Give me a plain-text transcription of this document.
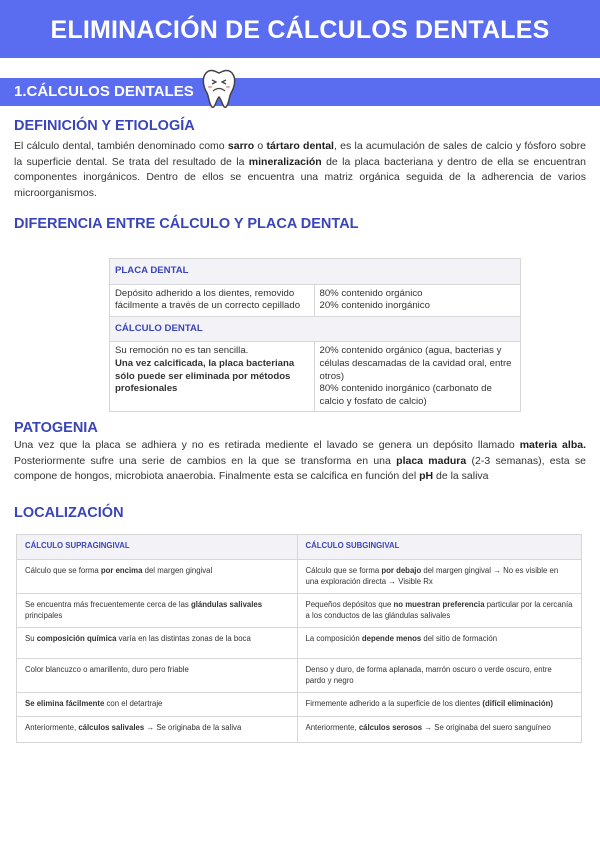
ELIMINACIÓN DE CÁLCULOS DENTALES
1.CÁLCULOS DENTALES
DEFINICIÓN Y ETIOLOGÍA

El cálculo dental, también denominado como sarro o tártaro dental, es la acumulación de sales de calcio y fósforo sobre la superficie dental. Se trata del resultado de la mineralización de la placa bacteriana y dentro de ella se encuentran componentes inorgánicos. Dentro de ellos se encuentra una matriz orgánica seguida de la adherencia de varios microorganismos.

DIFERENCIA ENTRE CÁLCULO Y PLACA DENTAL
PLACA DENTAL	
Depósito adherido a los dientes, removido fácilmente a través de un correcto cepillado	80% contenido orgánico
20% contenido inorgánico
CÁLCULO DENTAL	
Su remoción no es tan sencilla.
Una vez calcificada, la placa bacteriana sólo puede ser eliminada por métodos profesionales	20% contenido orgánico (agua, bacterias y células descamadas de la cavidad oral, entre otros)
80% contenido inorgánico (carbonato de calcio y fosfato de calcio)
PATOGENIA

Una vez que la placa se adhiera y no es retirada mediente el lavado se genera un depósito llamado materia alba. Posteriormente sufre una serie de cambios en la que se transforma en una placa madura (2-3 semanas), esta se compone de hongos, microbiota anaerobia. Finalmente esta se calcifica en función del pH de la saliva

LOCALIZACIÓN
CÁLCULO SUPRAGINGIVAL	CÁLCULO SUBGINGIVAL
Cálculo que se forma por encima del margen gingival	Cálculo que se forma por debajo del margen gingival → No es visible en una exploración directa → Visible Rx
Se encuentra más frecuentemente cerca de las glándulas salivales principales	Pequeños depósitos que no muestran preferencia particular por la cercanía a los conductos de las glándulas salivales
Su composición química varía en las distintas zonas de la boca	La composición depende menos del sitio de formación
Color blancuzco o amarillento, duro pero friable	Denso y duro, de forma aplanada, marrón oscuro o verde oscuro, entre pardo y negro
Se elimina fácilmente con el detartraje	Firmemente adherido a la superficie de los dientes (difícil eliminación)
Anteriormente, cálculos salivales → Se originaba de la saliva	Anteriormente, cálculos serosos → Se originaba del suero sanguíneo
